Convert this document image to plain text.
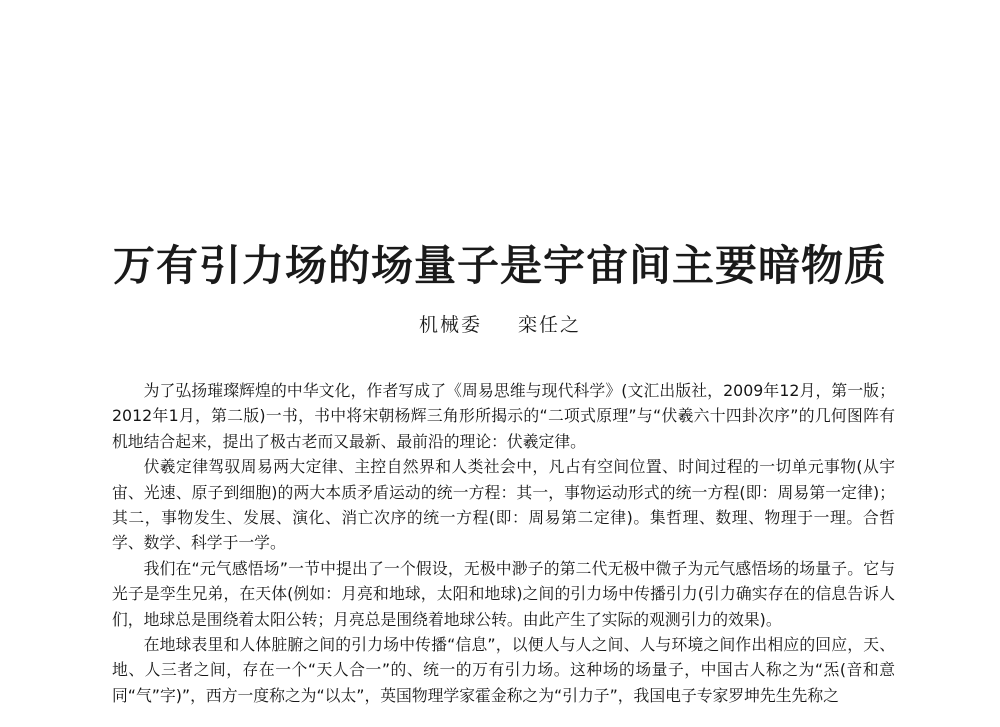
万有引力场的场量子是宇宙间主要暗物质
机械委 栾任之

为了弘扬璀璨辉煌的中华文化，作者写成了《周易思维与现代科学》(文汇出版社，2009年12月，第一版；2012年1月，第二版)一书，书中将宋朝杨辉三角形所揭示的“二项式原理”与“伏羲六十四卦次序”的几何图阵有机地结合起来，提出了极古老而又最新、最前沿的理论：伏羲定律。

伏羲定律驾驭周易两大定律、主控自然界和人类社会中，凡占有空间位置、时间过程的一切单元事物(从宇宙、光速、原子到细胞)的两大本质矛盾运动的统一方程：其一，事物运动形式的统一方程(即：周易第一定律)；其二，事物发生、发展、演化、消亡次序的统一方程(即：周易第二定律)。集哲理、数理、物理于一理。合哲学、数学、科学于一学。

我们在“元气感悟场”一节中提出了一个假设，无极中渺子的第二代无极中微子为元气感悟场的场量子。它与光子是孪生兄弟，在天体(例如：月亮和地球，太阳和地球)之间的引力场中传播引力(引力确实存在的信息告诉人们，地球总是围绕着太阳公转；月亮总是围绕着地球公转。由此产生了实际的观测引力的效果)。

在地球表里和人体脏腑之间的引力场中传播“信息”，以便人与人之间、人与环境之间作出相应的回应，天、地、人三者之间，存在一个“天人合一”的、统一的万有引力场。这种场的场量子，中国古人称之为“炁(音和意同“气”字)”，西方一度称之为“以太”，英国物理学家霍金称之为“引力子”，我国电子专家罗坤先生先称之
